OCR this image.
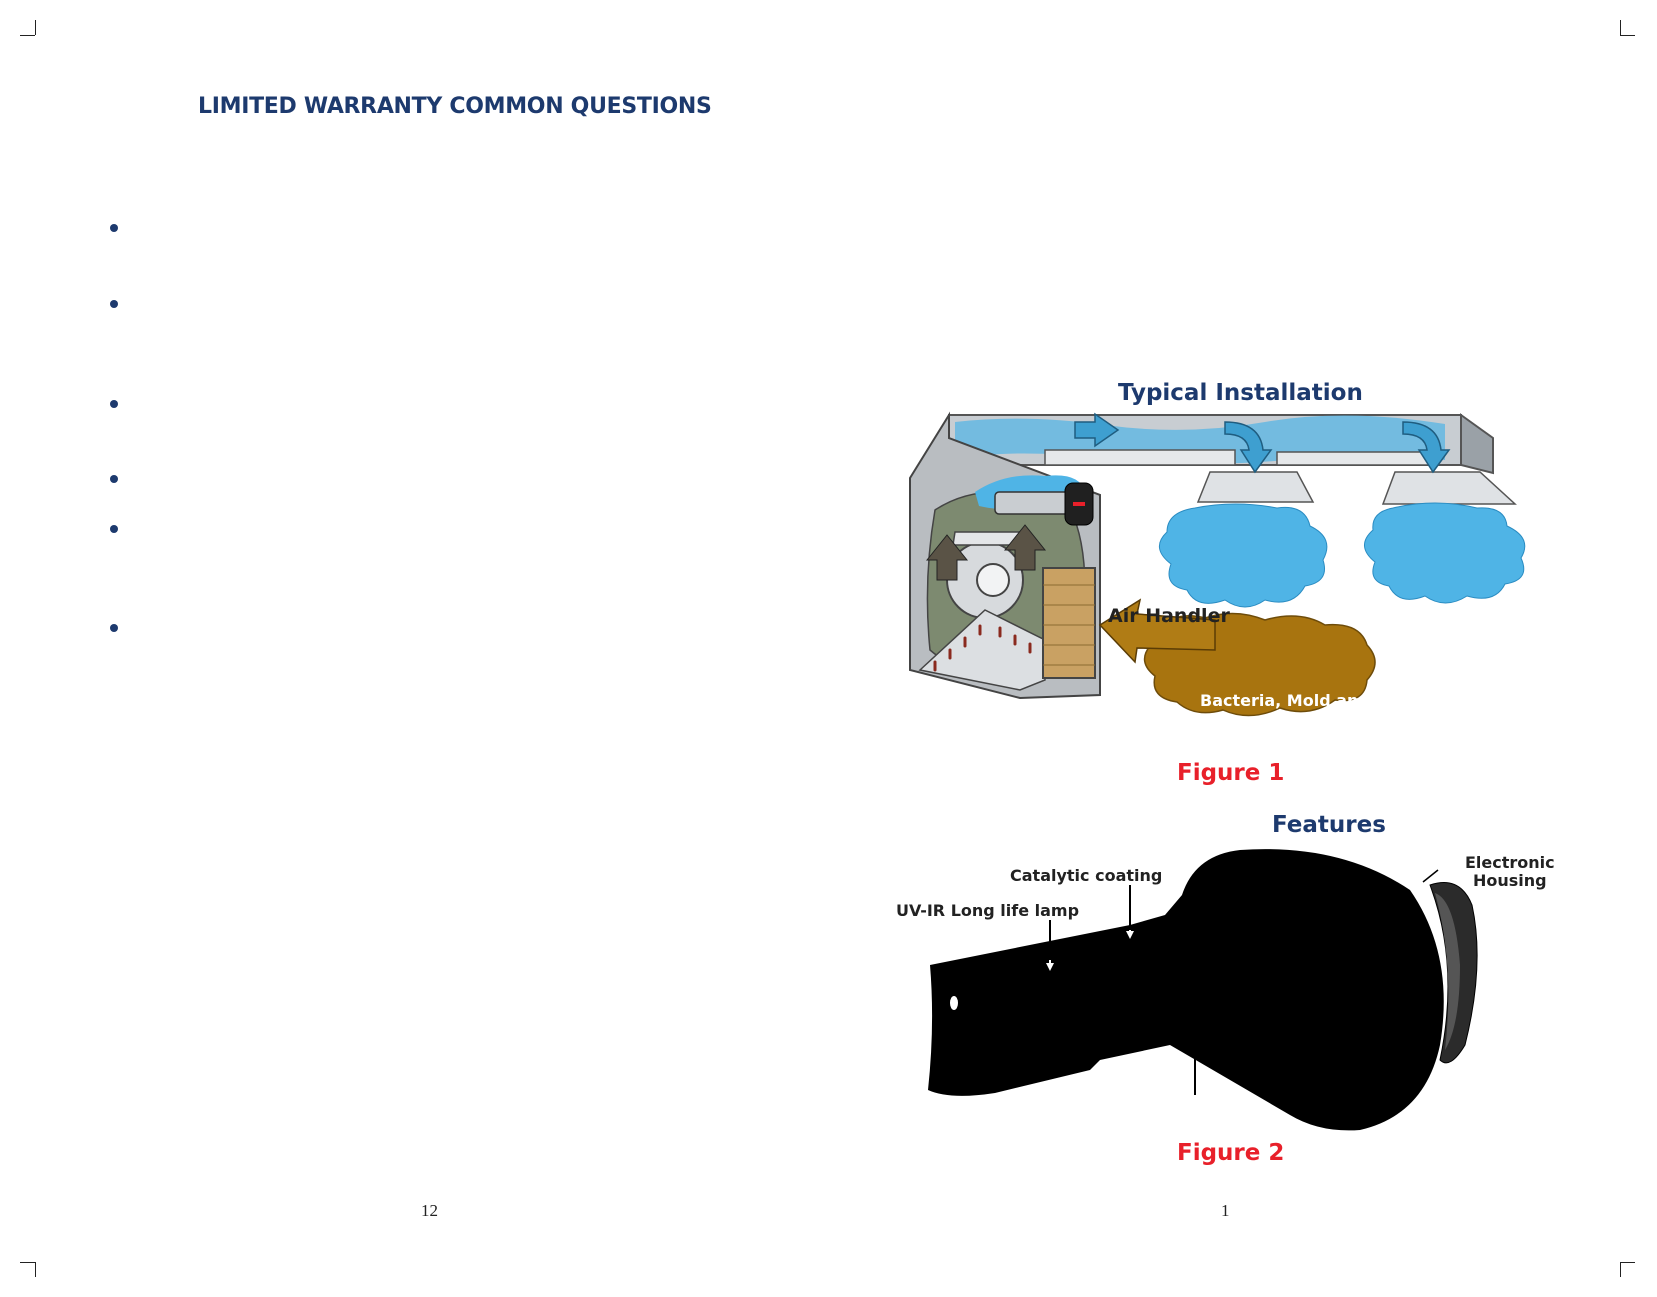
LIMITED WARRANTY COMMON QUESTIONS
12
Typical Installation
Air Handler
Bacteria, Mold and Virus
Figure 1
Features
Catalytic coating
UV-IR Long life lamp
Electronic
Housing
Figure 2
1
